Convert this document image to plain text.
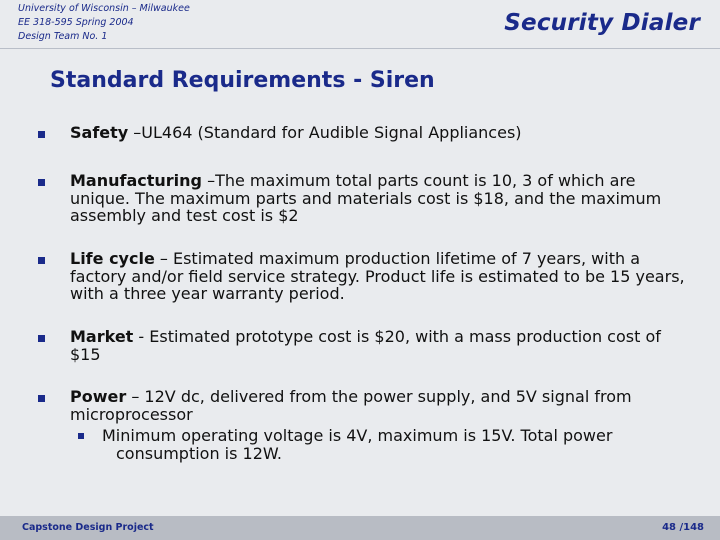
University of Wisconsin – Milwaukee
EE 318-595 Spring 2004
Design Team No. 1
Security Dialer
Standard Requirements - Siren
Safety –UL464 (Standard for Audible Signal Appliances)
Manufacturing –The maximum total parts count is 10, 3 of which are unique. The maximum parts and materials cost is $18, and the maximum assembly and test cost is $2
Life cycle – Estimated maximum production lifetime of 7 years, with a factory and/or field service strategy. Product life is estimated to be 15 years, with a three year warranty period.
Market - Estimated prototype cost is $20, with a mass production cost of $15
Power – 12V dc, delivered from the power supply, and 5V signal from microprocessor
Minimum operating voltage is 4V, maximum is 15V. Total power consumption is 12W.
Capstone Design Project	48 /148
